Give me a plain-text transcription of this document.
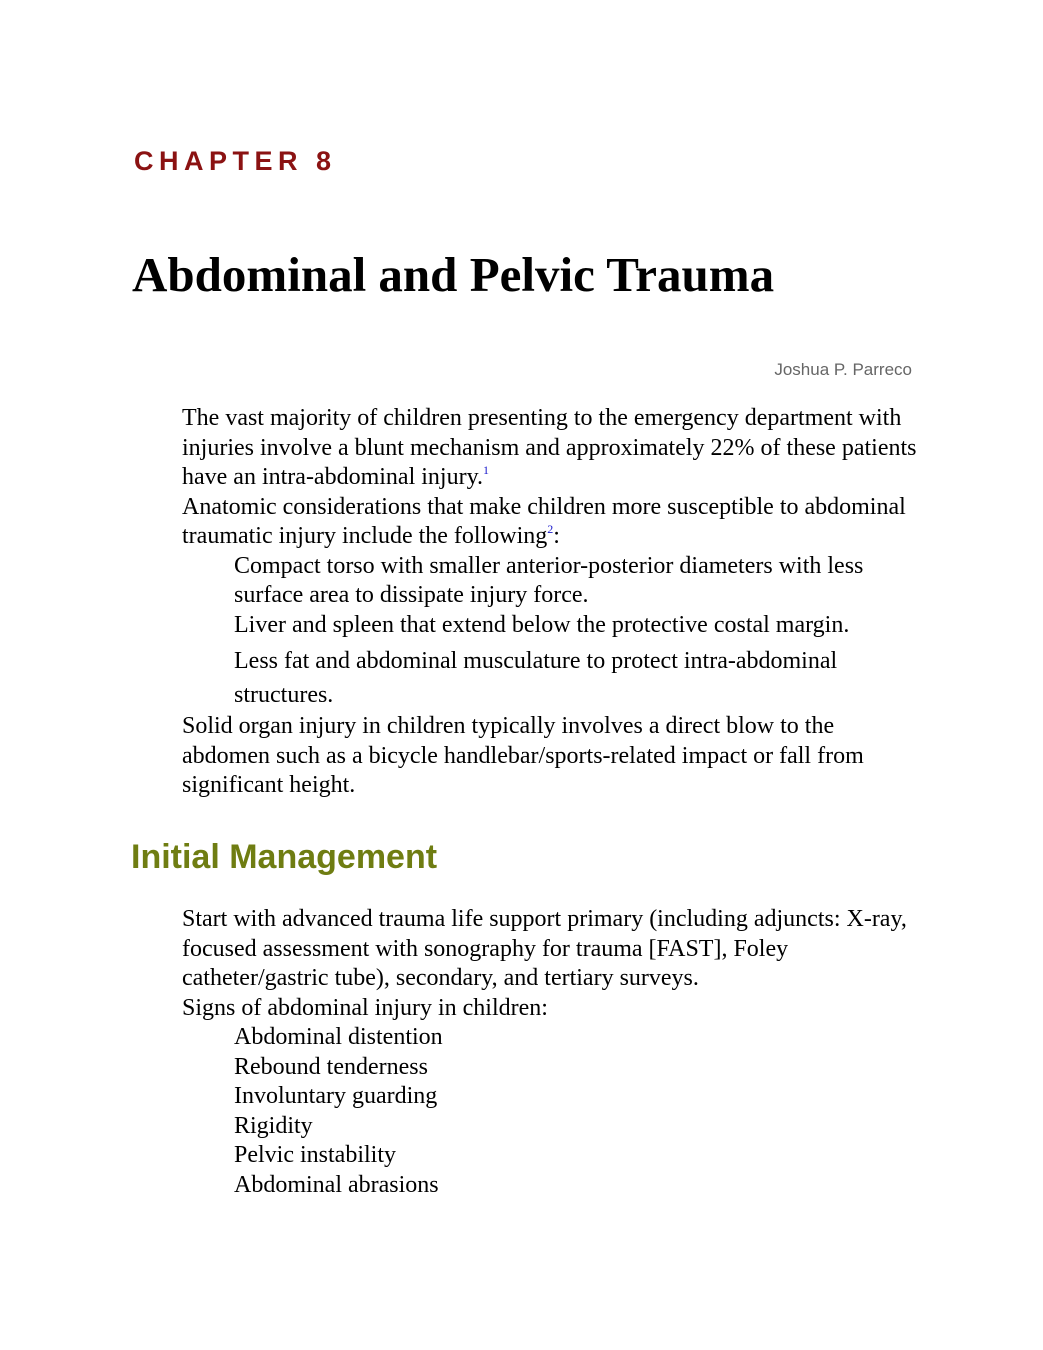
CHAPTER 8
Abdominal and Pelvic Trauma

Joshua P. Parreco

The vast majority of children presenting to the emergency department with injuries involve a blunt mechanism and approximately 22% of these patients have an intra-abdominal injury.$^1$

Anatomic considerations that make children more susceptible to abdominal traumatic injury include the following$^2$:

Compact torso with smaller anterior-posterior diameters with less surface area to dissipate injury force.

Liver and spleen that extend below the protective costal margin.

Less fat and abdominal musculature to protect intra-abdominal structures.

Solid organ injury in children typically involves a direct blow to the abdomen such as a bicycle handlebar/sports-related impact or fall from significant height.

Initial Management

Start with advanced trauma life support primary (including adjuncts: X-ray, focused assessment with sonography for trauma [FAST], Foley catheter/gastric tube), secondary, and tertiary surveys.

Signs of abdominal injury in children:

Abdominal distention
Rebound tenderness
Involuntary guarding
Rigidity
Pelvic instability
Abdominal abrasions
